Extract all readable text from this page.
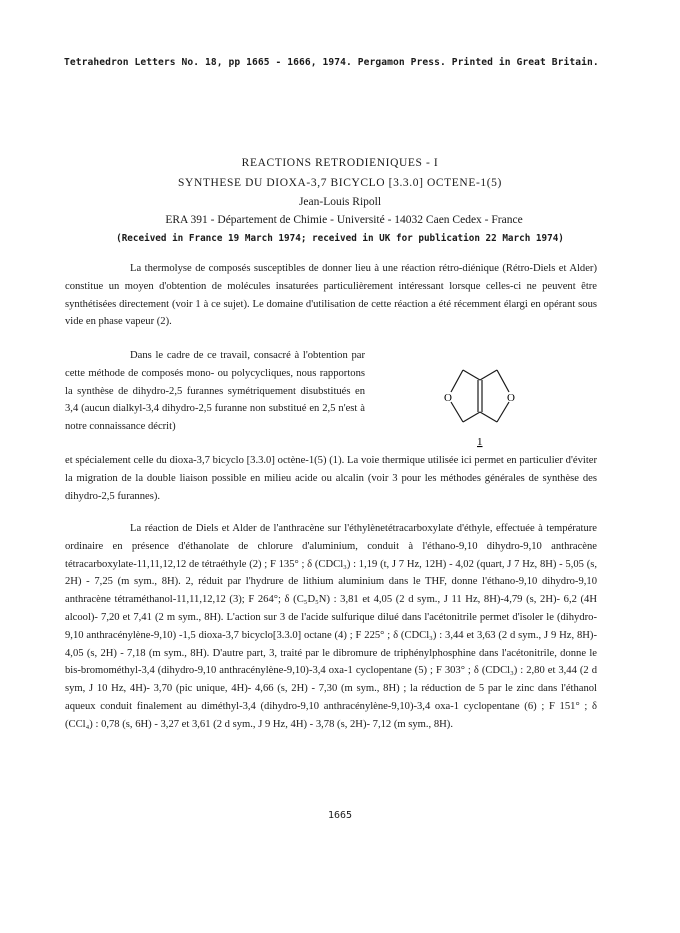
Tetrahedron Letters No. 18, pp 1665 - 1666, 1974. Pergamon Press. Printed in Great Britain.
REACTIONS RETRODIENIQUES - I
SYNTHESE DU DIOXA-3,7 BICYCLO [3.3.0] OCTENE-1(5)
Jean-Louis Ripoll
ERA 391 - Département de Chimie - Université - 14032 Caen Cedex - France
(Received in France 19 March 1974; received in UK for publication 22 March 1974)

La thermolyse de composés susceptibles de donner lieu à une réaction rétro-diénique (Rétro-Diels et Alder) constitue un moyen d'obtention de molécules insaturées particulièrement intéressant lorsque celles-ci ne peuvent être synthétisées directement (voir 1 à ce sujet). Le domaine d'utilisation de cette réaction a été récemment élargi en opérant sous vide en phase vapeur (2).

Dans le cadre de ce travail, consacré à l'obtention par cette méthode de composés mono- ou polycycliques, nous rapportons la synthèse de dihydro-2,5 furannes symétriquement disubstitués en 3,4 (aucun dialkyl-3,4 dihydro-2,5 furanne non substitué en 2,5 n'est à notre connaissance décrit)

O	O
1

et spécialement celle du dioxa-3,7 bicyclo [3.3.0] octène-1(5) (1). La voie thermique utilisée ici permet en particulier d'éviter la migration de la double liaison possible en milieu acide ou alcalin (voir 3 pour les méthodes générales de synthèse des dihydro-2,5 furannes).

La réaction de Diels et Alder de l'anthracène sur l'éthylènetétracarboxylate d'éthyle, effectuée à température ordinaire en présence d'éthanolate de chlorure d'aluminium, conduit à l'éthano-9,10 dihydro-9,10 anthracène tétracarboxylate-11,11,12,12 de tétraéthyle (2) ; F 135° ; δ (CDCl₃) : 1,19 (t, J 7 Hz, 12H) - 4,02 (quart, J 7 Hz, 8H) - 5,05 (s, 2H) - 7,25 (m sym., 8H). 2, réduit par l'hydrure de lithium aluminium dans le THF, donne l'éthano-9,10 dihydro-9,10 anthracène tétraméthanol-11,11,12,12 (3); F 264°; δ (C₅D₅N) : 3,81 et 4,05 (2 d sym., J 11 Hz, 8H)-4,79 (s, 2H)- 6,2 (4H alcool)- 7,20 et 7,41 (2 m sym., 8H). L'action sur 3 de l'acide sulfurique dilué dans l'acétonitrile permet d'isoler le (dihydro-9,10 anthracénylène-9,10) -1,5 dioxa-3,7 bicyclo[3.3.0] octane (4) ; F 225° ; δ (CDCl₃) : 3,44 et 3,63 (2 d sym., J 9 Hz, 8H)- 4,05 (s, 2H) - 7,18 (m sym., 8H). D'autre part, 3, traité par le dibromure de triphénylphosphine dans l'acétonitrile, donne le bis-bromométhyl-3,4 (dihydro-9,10 anthracénylène-9,10)-3,4 oxa-1 cyclopentane (5) ; F 303° ; δ (CDCl₃) : 2,80 et 3,44 (2 d sym, J 10 Hz, 4H)- 3,70 (pic unique, 4H)- 4,66 (s, 2H) - 7,30 (m sym., 8H) ; la réduction de 5 par le zinc dans l'éthanol aqueux conduit finalement au diméthyl-3,4 (dihydro-9,10 anthracénylène-9,10)-3,4 oxa-1 cyclopentane (6) ; F 151° ; δ (CCl₄) : 0,78 (s, 6H) - 3,27 et 3,61 (2 d sym., J 9 Hz, 4H) - 3,78 (s, 2H)- 7,12 (m sym., 8H).

1665
